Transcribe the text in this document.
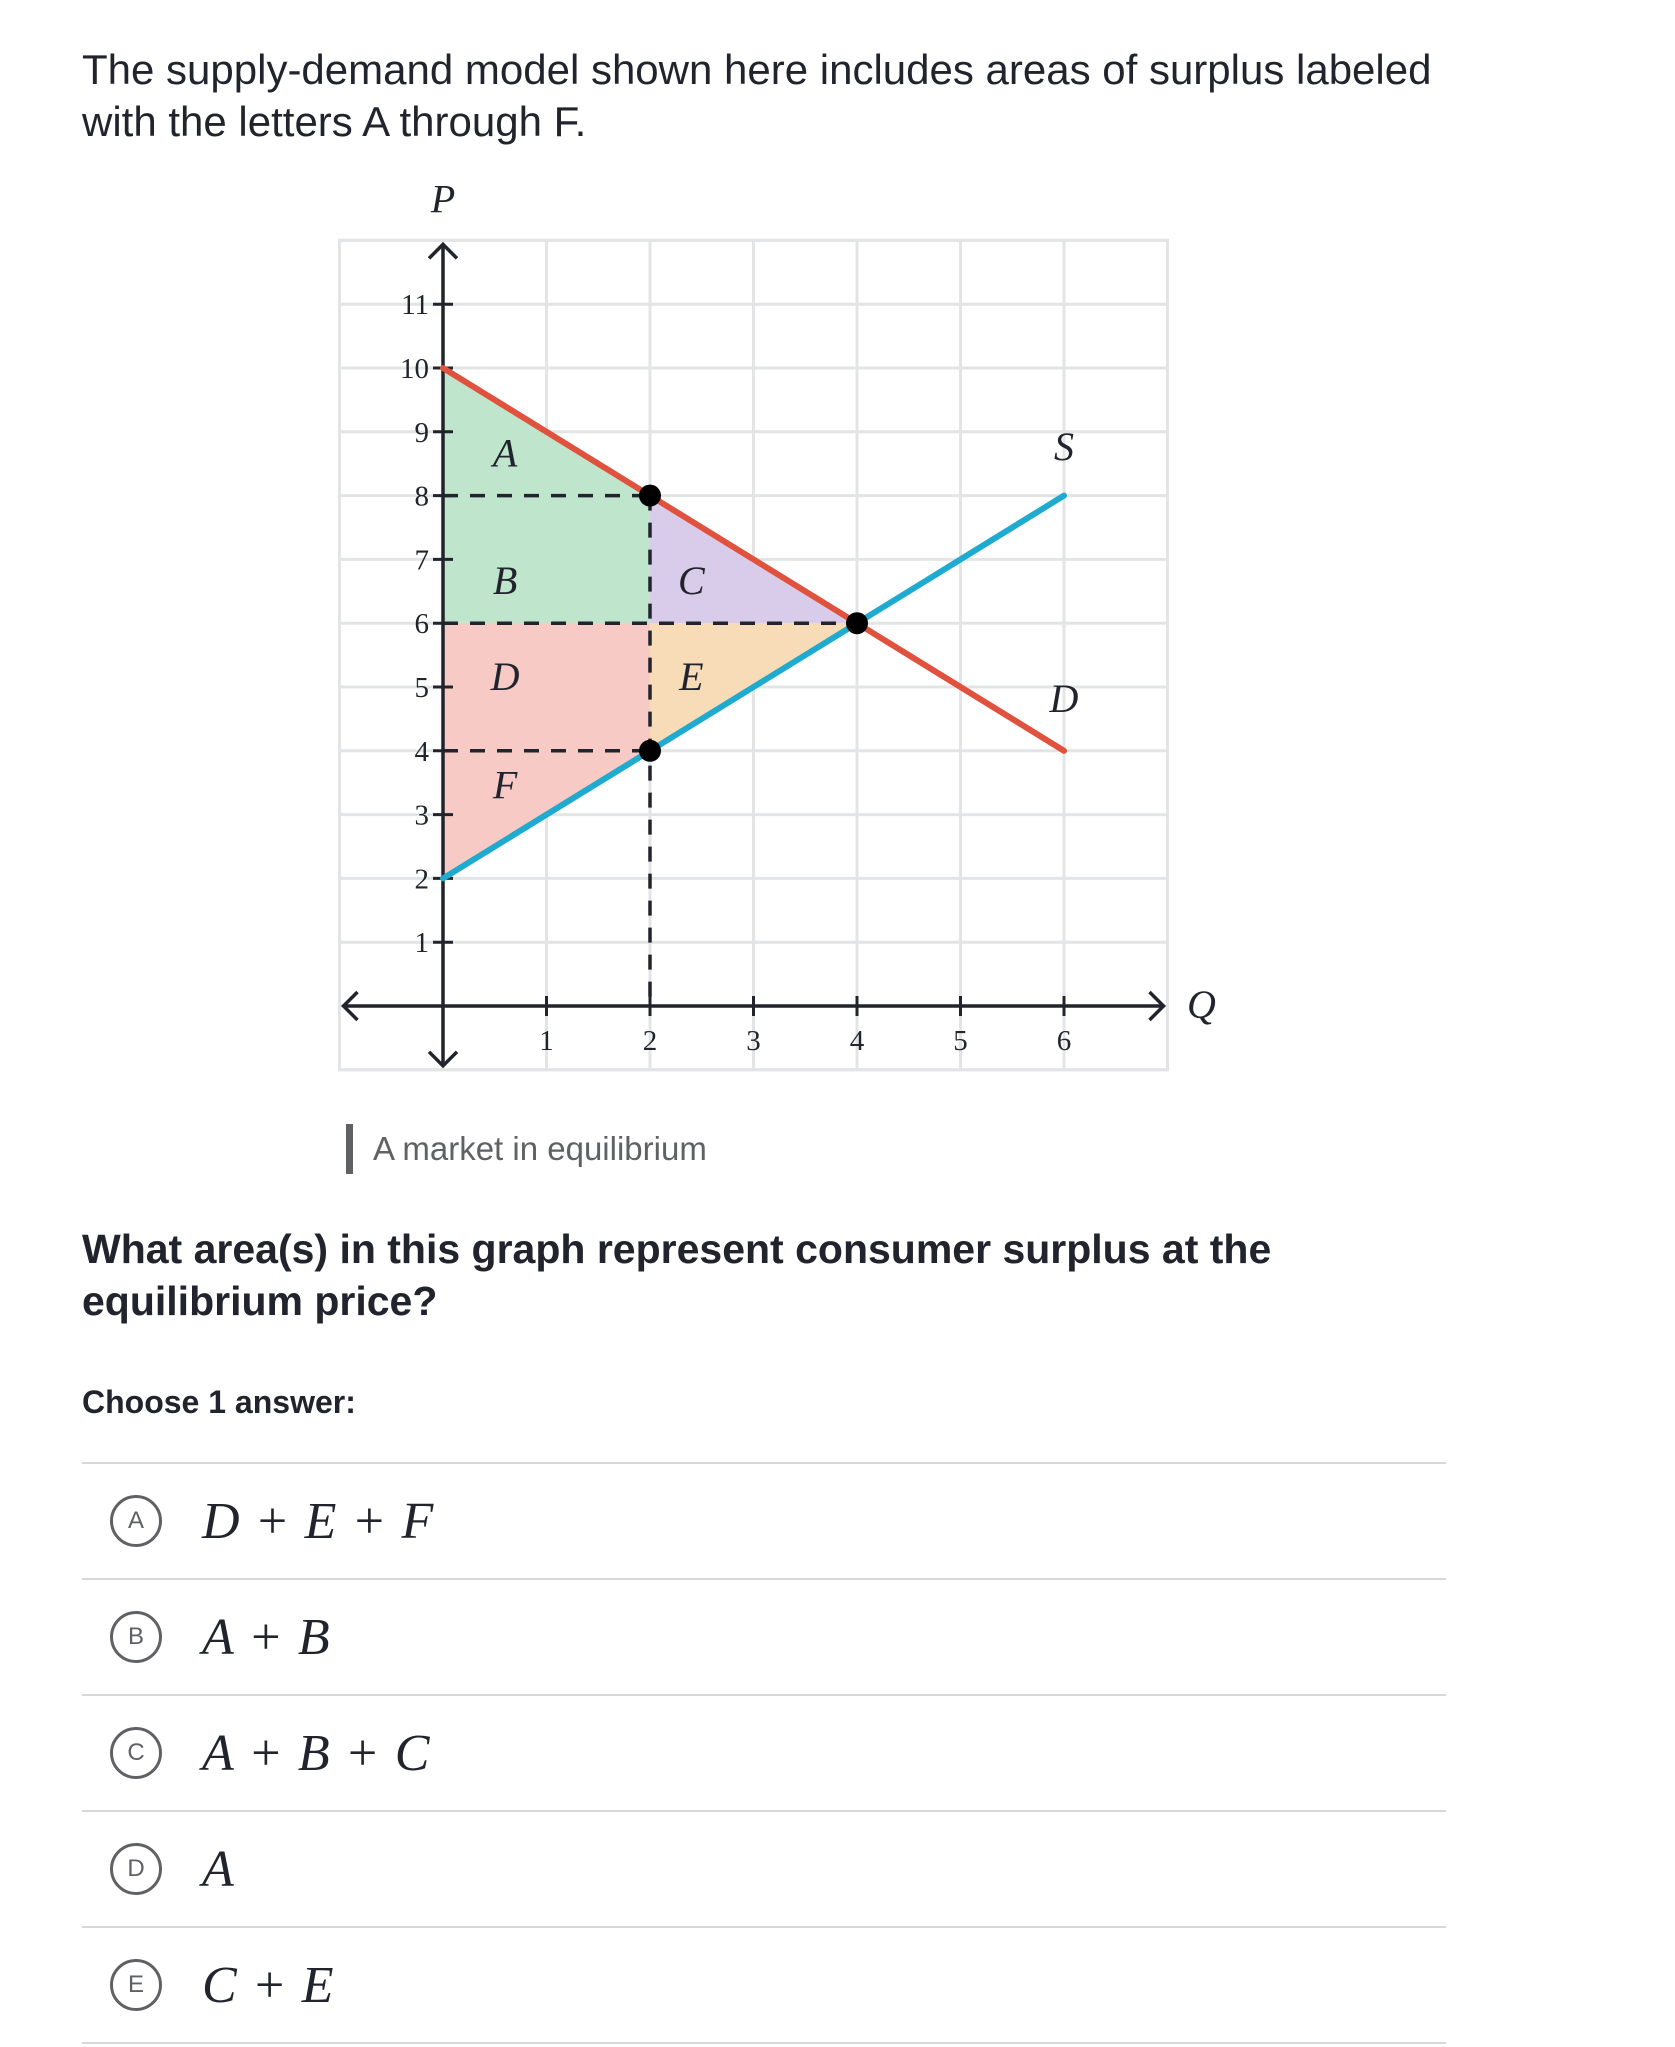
The supply-demand model shown here includes areas of surplus labeled with the letters A through F.

A
B	C
D	E
F
1	2	3	4	5	6
1
2
3
4
5
6
7
8
9
10
11
Q
P
S
D
A market in equilibrium

What area(s) in this graph represent consumer surplus at the equilibrium price?

Choose 1 answer:

A	D + E + F
B	A + B
C	A + B + C
D	A
E	C + E
